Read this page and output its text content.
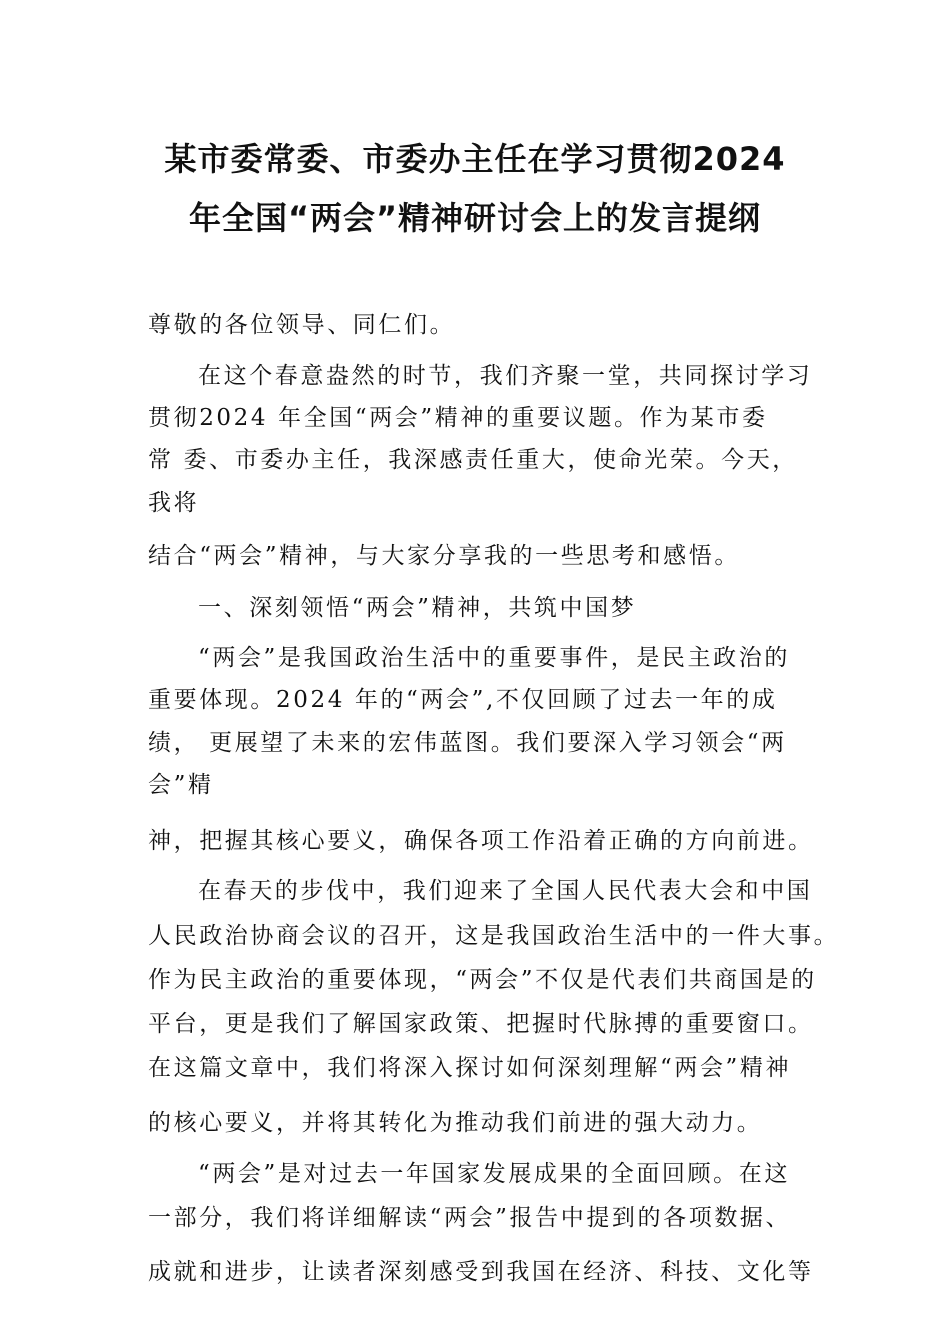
某市委常委、市委办主任在学习贯彻2024
年全国“两会”精神研讨会上的发言提纲
尊敬的各位领导、同仁们。
在这个春意盎然的时节，我们齐聚一堂，共同探讨学习
贯彻2024 年全国“两会”精神的重要议题。作为某市委
常 委、市委办主任，我深感责任重大，使命光荣。今天，
我将
结合“两会”精神，与大家分享我的一些思考和感悟。
一、深刻领悟“两会”精神，共筑中国梦
“两会”是我国政治生活中的重要事件，是民主政治的
重要体现。2024 年的“两会”,不仅回顾了过去一年的成
绩， 更展望了未来的宏伟蓝图。我们要深入学习领会“两
会”精
神，把握其核心要义，确保各项工作沿着正确的方向前进。
在春天的步伐中，我们迎来了全国人民代表大会和中国
人民政治协商会议的召开，这是我国政治生活中的一件大事。
作为民主政治的重要体现，“两会”不仅是代表们共商国是的
平台，更是我们了解国家政策、把握时代脉搏的重要窗口。
在这篇文章中，我们将深入探讨如何深刻理解“两会”精神
的核心要义，并将其转化为推动我们前进的强大动力。
“两会”是对过去一年国家发展成果的全面回顾。在这
一部分，我们将详细解读“两会”报告中提到的各项数据、
成就和进步，让读者深刻感受到我国在经济、科技、文化等
